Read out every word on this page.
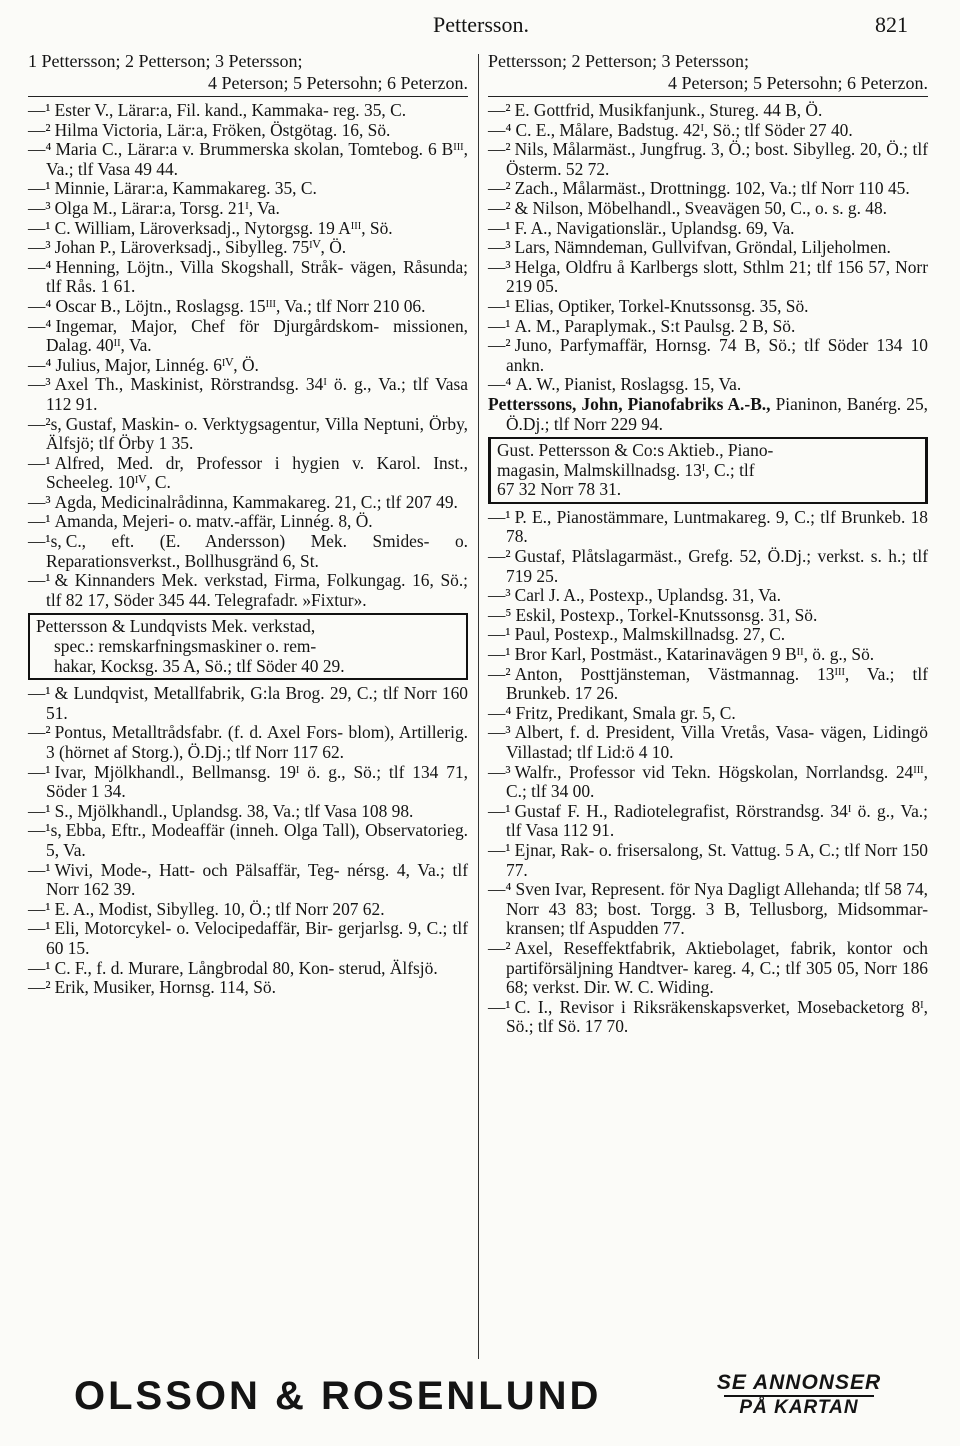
Pettersson.	821
1 Pettersson; 2 Petterson; 3 Petersson;
4 Peterson; 5 Petersohn; 6 Peterzon.
—¹ Ester V., Lärar:a, Fil. kand., Kammaka- reg. 35, C.
—² Hilma Victoria, Lär:a, Fröken, Östgötag. 16, Sö.
—⁴ Maria C., Lärar:a v. Brummerska skolan, Tomtebog. 6 Bᴵᴵᴵ, Va.; tlf Vasa 49 44.
—¹ Minnie, Lärar:a, Kammakareg. 35, C.
—³ Olga M., Lärar:a, Torsg. 21ᴵ, Va.
—¹ C. William, Läroverksadj., Nytorgsg. 19 Aᴵᴵᴵ, Sö.
—³ Johan P., Läroverksadj., Sibylleg. 75ᴵⱽ, Ö.
—⁴ Henning, Löjtn., Villa Skogshall, Stråk- vägen, Råsunda; tlf Rås. 1 61.
—⁴ Oscar B., Löjtn., Roslagsg. 15ᴵᴵᴵ, Va.; tlf Norr 210 06.
—⁴ Ingemar, Major, Chef för Djurgårdskom- missionen, Dalag. 40ᴵᴵ, Va.
—⁴ Julius, Major, Linnég. 6ᴵⱽ, Ö.
—³ Axel Th., Maskinist, Rörstrandsg. 34ᴵ ö. g., Va.; tlf Vasa 112 91.
—²s, Gustaf, Maskin- o. Verktygsagentur, Villa Neptuni, Örby, Älfsjö; tlf Örby 1 35.
—¹ Alfred, Med. dr, Professor i hygien v. Karol. Inst., Scheeleg. 10ᴵⱽ, C.
—³ Agda, Medicinalrådinna, Kammakareg. 21, C.; tlf 207 49.
—¹ Amanda, Mejeri- o. matv.-affär, Linnég. 8, Ö.
—¹s, C., eft. (E. Andersson) Mek. Smides- o. Reparationsverkst., Bollhusgränd 6, St.
—¹ & Kinnanders Mek. verkstad, Firma, Folkungag. 16, Sö.; tlf 82 17, Söder 345 44. Telegrafadr. »Fixtur».
Pettersson & Lundqvists Mek. verkstad,
spec.: remskarfningsmaskiner o. rem-
hakar, Kocksg. 35 A, Sö.; tlf Söder 40 29.
—¹ & Lundqvist, Metallfabrik, G:la Brog. 29, C.; tlf Norr 160 51.
—² Pontus, Metalltrådsfabr. (f. d. Axel Fors- blom), Artillerig. 3 (hörnet af Storg.), Ö.Dj.; tlf Norr 117 62.
—¹ Ivar, Mjölkhandl., Bellmansg. 19ᴵ ö. g., Sö.; tlf 134 71, Söder 1 34.
—¹ S., Mjölkhandl., Uplandsg. 38, Va.; tlf Vasa 108 98.
—¹s, Ebba, Eftr., Modeaffär (inneh. Olga Tall), Observatorieg. 5, Va.
—¹ Wivi, Mode-, Hatt- och Pälsaffär, Teg- nérsg. 4, Va.; tlf Norr 162 39.
—¹ E. A., Modist, Sibylleg. 10, Ö.; tlf Norr 207 62.
—¹ Eli, Motorcykel- o. Velocipedaffär, Bir- gerjarlsg. 9, C.; tlf 60 15.
—¹ C. F., f. d. Murare, Långbrodal 80, Kon- sterud, Älfsjö.
—² Erik, Musiker, Hornsg. 114, Sö.
Pettersson; 2 Petterson; 3 Petersson;
4 Peterson; 5 Petersohn; 6 Peterzon.
—² E. Gottfrid, Musikfanjunk., Stureg. 44 B, Ö.
—⁴ C. E., Målare, Badstug. 42ᴵ, Sö.; tlf Söder 27 40.
—² Nils, Målarmäst., Jungfrug. 3, Ö.; bost. Sibylleg. 20, Ö.; tlf Österm. 52 72.
—² Zach., Målarmäst., Drottningg. 102, Va.; tlf Norr 110 45.
—² & Nilson, Möbelhandl., Sveavägen 50, C., o. s. g. 48.
—¹ F. A., Navigationslär., Uplandsg. 69, Va.
—³ Lars, Nämndeman, Gullvifvan, Gröndal, Liljeholmen.
—³ Helga, Oldfru å Karlbergs slott, Sthlm 21; tlf 156 57, Norr 219 05.
—¹ Elias, Optiker, Torkel-Knutssonsg. 35, Sö.
—¹ A. M., Paraplymak., S:t Paulsg. 2 B, Sö.
—² Juno, Parfymaffär, Hornsg. 74 B, Sö.; tlf Söder 134 10 ankn.
—⁴ A. W., Pianist, Roslagsg. 15, Va.
Petterssons, John, Pianofabriks A.-B., Pianinon, Banérg. 25, Ö.Dj.; tlf Norr 229 94.
Gust. Pettersson & Co:s Aktieb., Piano-
magasin, Malmskillnadsg. 13ᴵ, C.; tlf
67 32 Norr 78 31.
—¹ P. E., Pianostämmare, Luntmakareg. 9, C.; tlf Brunkeb. 18 78.
—² Gustaf, Plåtslagarmäst., Grefg. 52, Ö.Dj.; verkst. s. h.; tlf 719 25.
—³ Carl J. A., Postexp., Uplandsg. 31, Va.
—⁵ Eskil, Postexp., Torkel-Knutssonsg. 31, Sö.
—¹ Paul, Postexp., Malmskillnadsg. 27, C.
—¹ Bror Karl, Postmäst., Katarinavägen 9 Bᴵᴵ, ö. g., Sö.
—² Anton, Posttjänsteman, Västmannag. 13ᴵᴵᴵ, Va.; tlf Brunkeb. 17 26.
—⁴ Fritz, Predikant, Smala gr. 5, C.
—³ Albert, f. d. President, Villa Vretås, Vasa- vägen, Lidingö Villastad; tlf Lid:ö 4 10.
—³ Walfr., Professor vid Tekn. Högskolan, Norrlandsg. 24ᴵᴵᴵ, C.; tlf 34 00.
—¹ Gustaf F. H., Radiotelegrafist, Rörstrandsg. 34ᴵ ö. g., Va.; tlf Vasa 112 91.
—¹ Ejnar, Rak- o. frisersalong, St. Vattug. 5 A, C.; tlf Norr 150 77.
—⁴ Sven Ivar, Represent. för Nya Dagligt Allehanda; tlf 58 74, Norr 43 83; bost. Torgg. 3 B, Tellusborg, Midsommar- kransen; tlf Aspudden 77.
—² Axel, Reseffektfabrik, Aktiebolaget, fabrik, kontor och partiförsäljning Handtver- kareg. 4, C.; tlf 305 05, Norr 186 68; verkst. Dir. W. C. Widing.
—¹ C. I., Revisor i Riksräkenskapsverket, Mosebacketorg 8ᴵ, Sö.; tlf Sö. 17 70.
OLSSON & ROSENLUND	SE ANNONSER
PÅ KARTAN
